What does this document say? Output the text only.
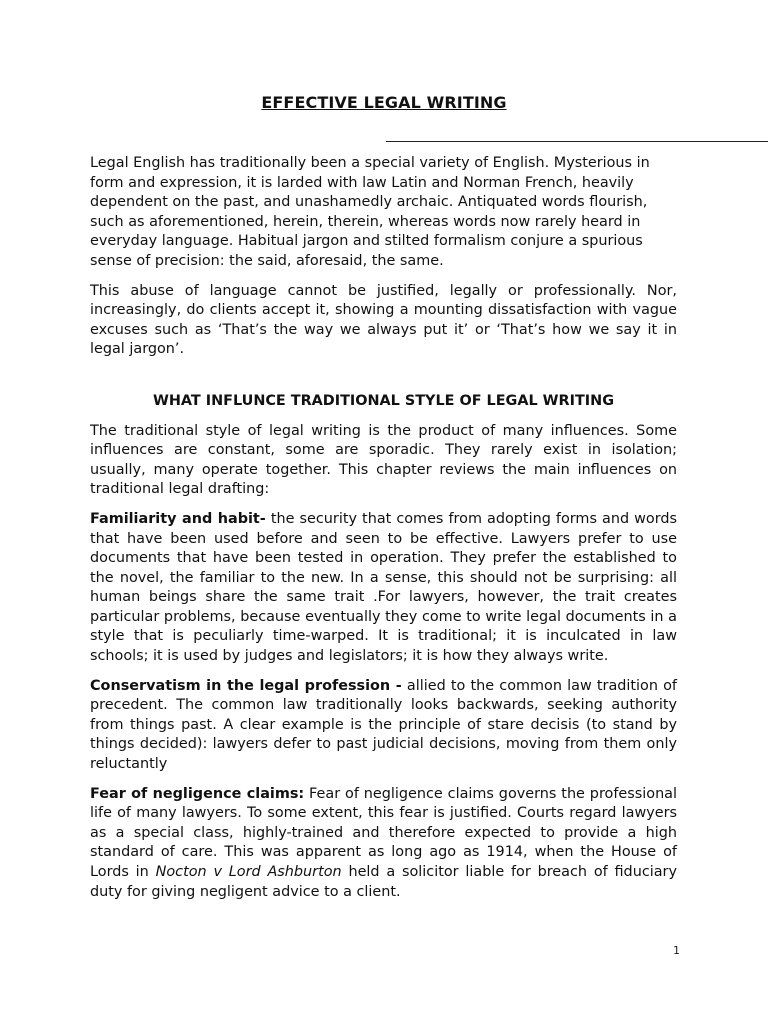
EFFECTIVE LEGAL WRITING

Legal English has traditionally been a special variety of English. Mysterious in form and expression, it is larded with law Latin and Norman French, heavily dependent on the past, and unashamedly archaic. Antiquated words flourish, such as aforementioned, herein, therein, whereas words now rarely heard in everyday language. Habitual jargon and stilted formalism conjure a spurious sense of precision: the said, aforesaid, the same.

This abuse of language cannot be justified, legally or professionally. Nor, increasingly, do clients accept it, showing a mounting dissatisfaction with vague excuses such as ‘That’s the way we always put it’ or ‘That’s how we say it in legal jargon’.

WHAT INFLUNCE TRADITIONAL STYLE OF LEGAL WRITING

The traditional style of legal writing is the product of many influences. Some influences are constant, some are sporadic. They rarely exist in isolation; usually, many operate together. This chapter reviews the main influences on traditional legal drafting:

Familiarity and habit- the security that comes from adopting forms and words that have been used before and seen to be effective. Lawyers prefer to use documents that have been tested in operation. They prefer the established to the novel, the familiar to the new. In a sense, this should not be surprising: all human beings share the same trait .For lawyers, however, the trait creates particular problems, because eventually they come to write legal documents in a style that is peculiarly time-warped. It is traditional; it is inculcated in law schools; it is used by judges and legislators; it is how they always write.

Conservatism in the legal profession - allied to the common law tradition of precedent. The common law traditionally looks backwards, seeking authority from things past. A clear example is the principle of stare decisis (to stand by things decided): lawyers defer to past judicial decisions, moving from them only reluctantly

Fear of negligence claims: Fear of negligence claims governs the professional life of many lawyers. To some extent, this fear is justified. Courts regard lawyers as a special class, highly-trained and therefore expected to provide a high standard of care. This was apparent as long ago as 1914, when the House of Lords in Nocton v Lord Ashburton held a solicitor liable for breach of fiduciary duty for giving negligent advice to a client.

1
